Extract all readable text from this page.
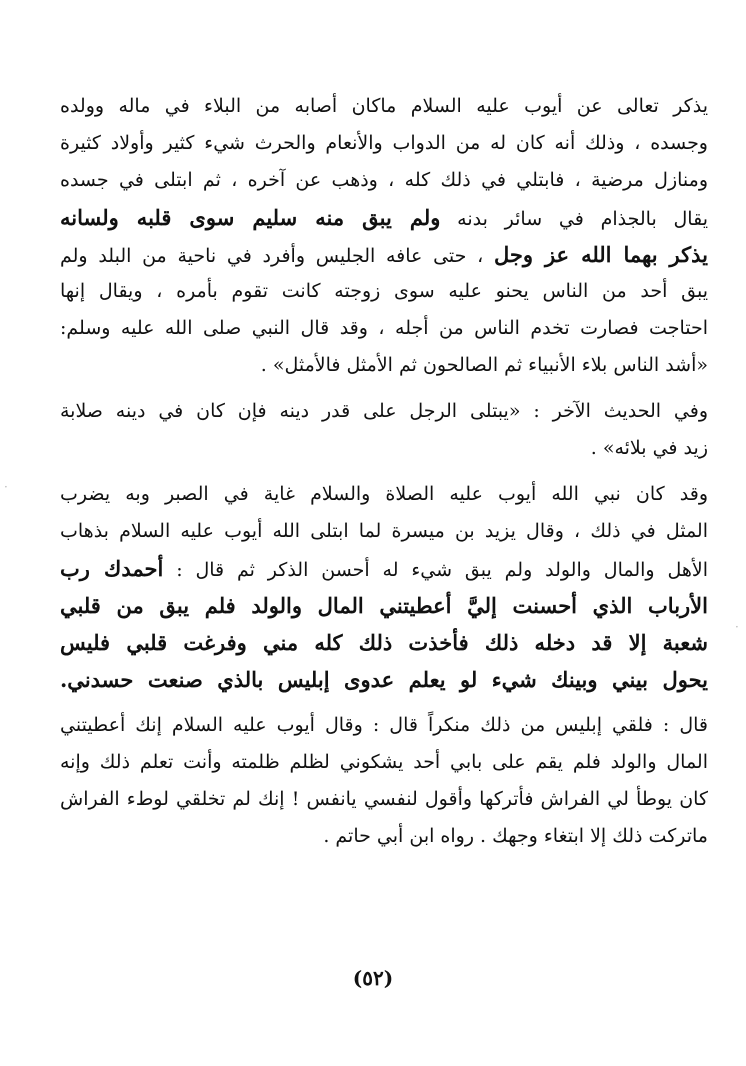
يذكر تعالى عن أيوب عليه السلام ماكان أصابه من البلاء في ماله وولده
وجسده ، وذلك أنه كان له من الدواب والأنعام والحرث شيء كثير وأولاد كثيرة
ومنازل مرضية ، فابتلي في ذلك كله ، وذهب عن آخره ، ثم ابتلى في جسده
يقال بالجذام في سائر بدنه ولم يبق منه سليم سوى قلبه ولسانه
يذكر بهما الله عز وجل ، حتى عافه الجليس وأفرد في ناحية من البلد ولم
يبق أحد من الناس يحنو عليه سوى زوجته كانت تقوم بأمره ، ويقال إنها
احتاجت فصارت تخدم الناس من أجله ، وقد قال النبي صلى الله عليه وسلم:
«أشد الناس بلاء الأنبياء ثم الصالحون ثم الأمثل فالأمثل» .
وفي الحديث الآخر : «يبتلى الرجل على قدر دينه فإن كان في دينه صلابة
زيد في بلائه» .
وقد كان نبي الله أيوب عليه الصلاة والسلام غاية في الصبر وبه يضرب
المثل في ذلك ، وقال يزيد بن ميسرة لما ابتلى الله أيوب عليه السلام بذهاب
الأهل والمال والولد ولم يبق شيء له أحسن الذكر ثم قال : أحمدك رب
الأرباب الذي أحسنت إليَّ أعطيتني المال والولد فلم يبق من قلبي
شعبة إلا قد دخله ذلك فأخذت ذلك كله مني وفرغت قلبي فليس
يحول بيني وبينك شيء لو يعلم عدوى إبليس بالذي صنعت حسدني.
قال : فلقي إبليس من ذلك منكراً قال : وقال أيوب عليه السلام إنك أعطيتني
المال والولد فلم يقم على بابي أحد يشكوني لظلم ظلمته وأنت تعلم ذلك وإنه
كان يوطأ لي الفراش فأتركها وأقول لنفسي يانفس ! إنك لم تخلقي لوطء الفراش
ماتركت ذلك إلا ابتغاء وجهك . رواه ابن أبي حاتم .
(٥٢)
·
·
